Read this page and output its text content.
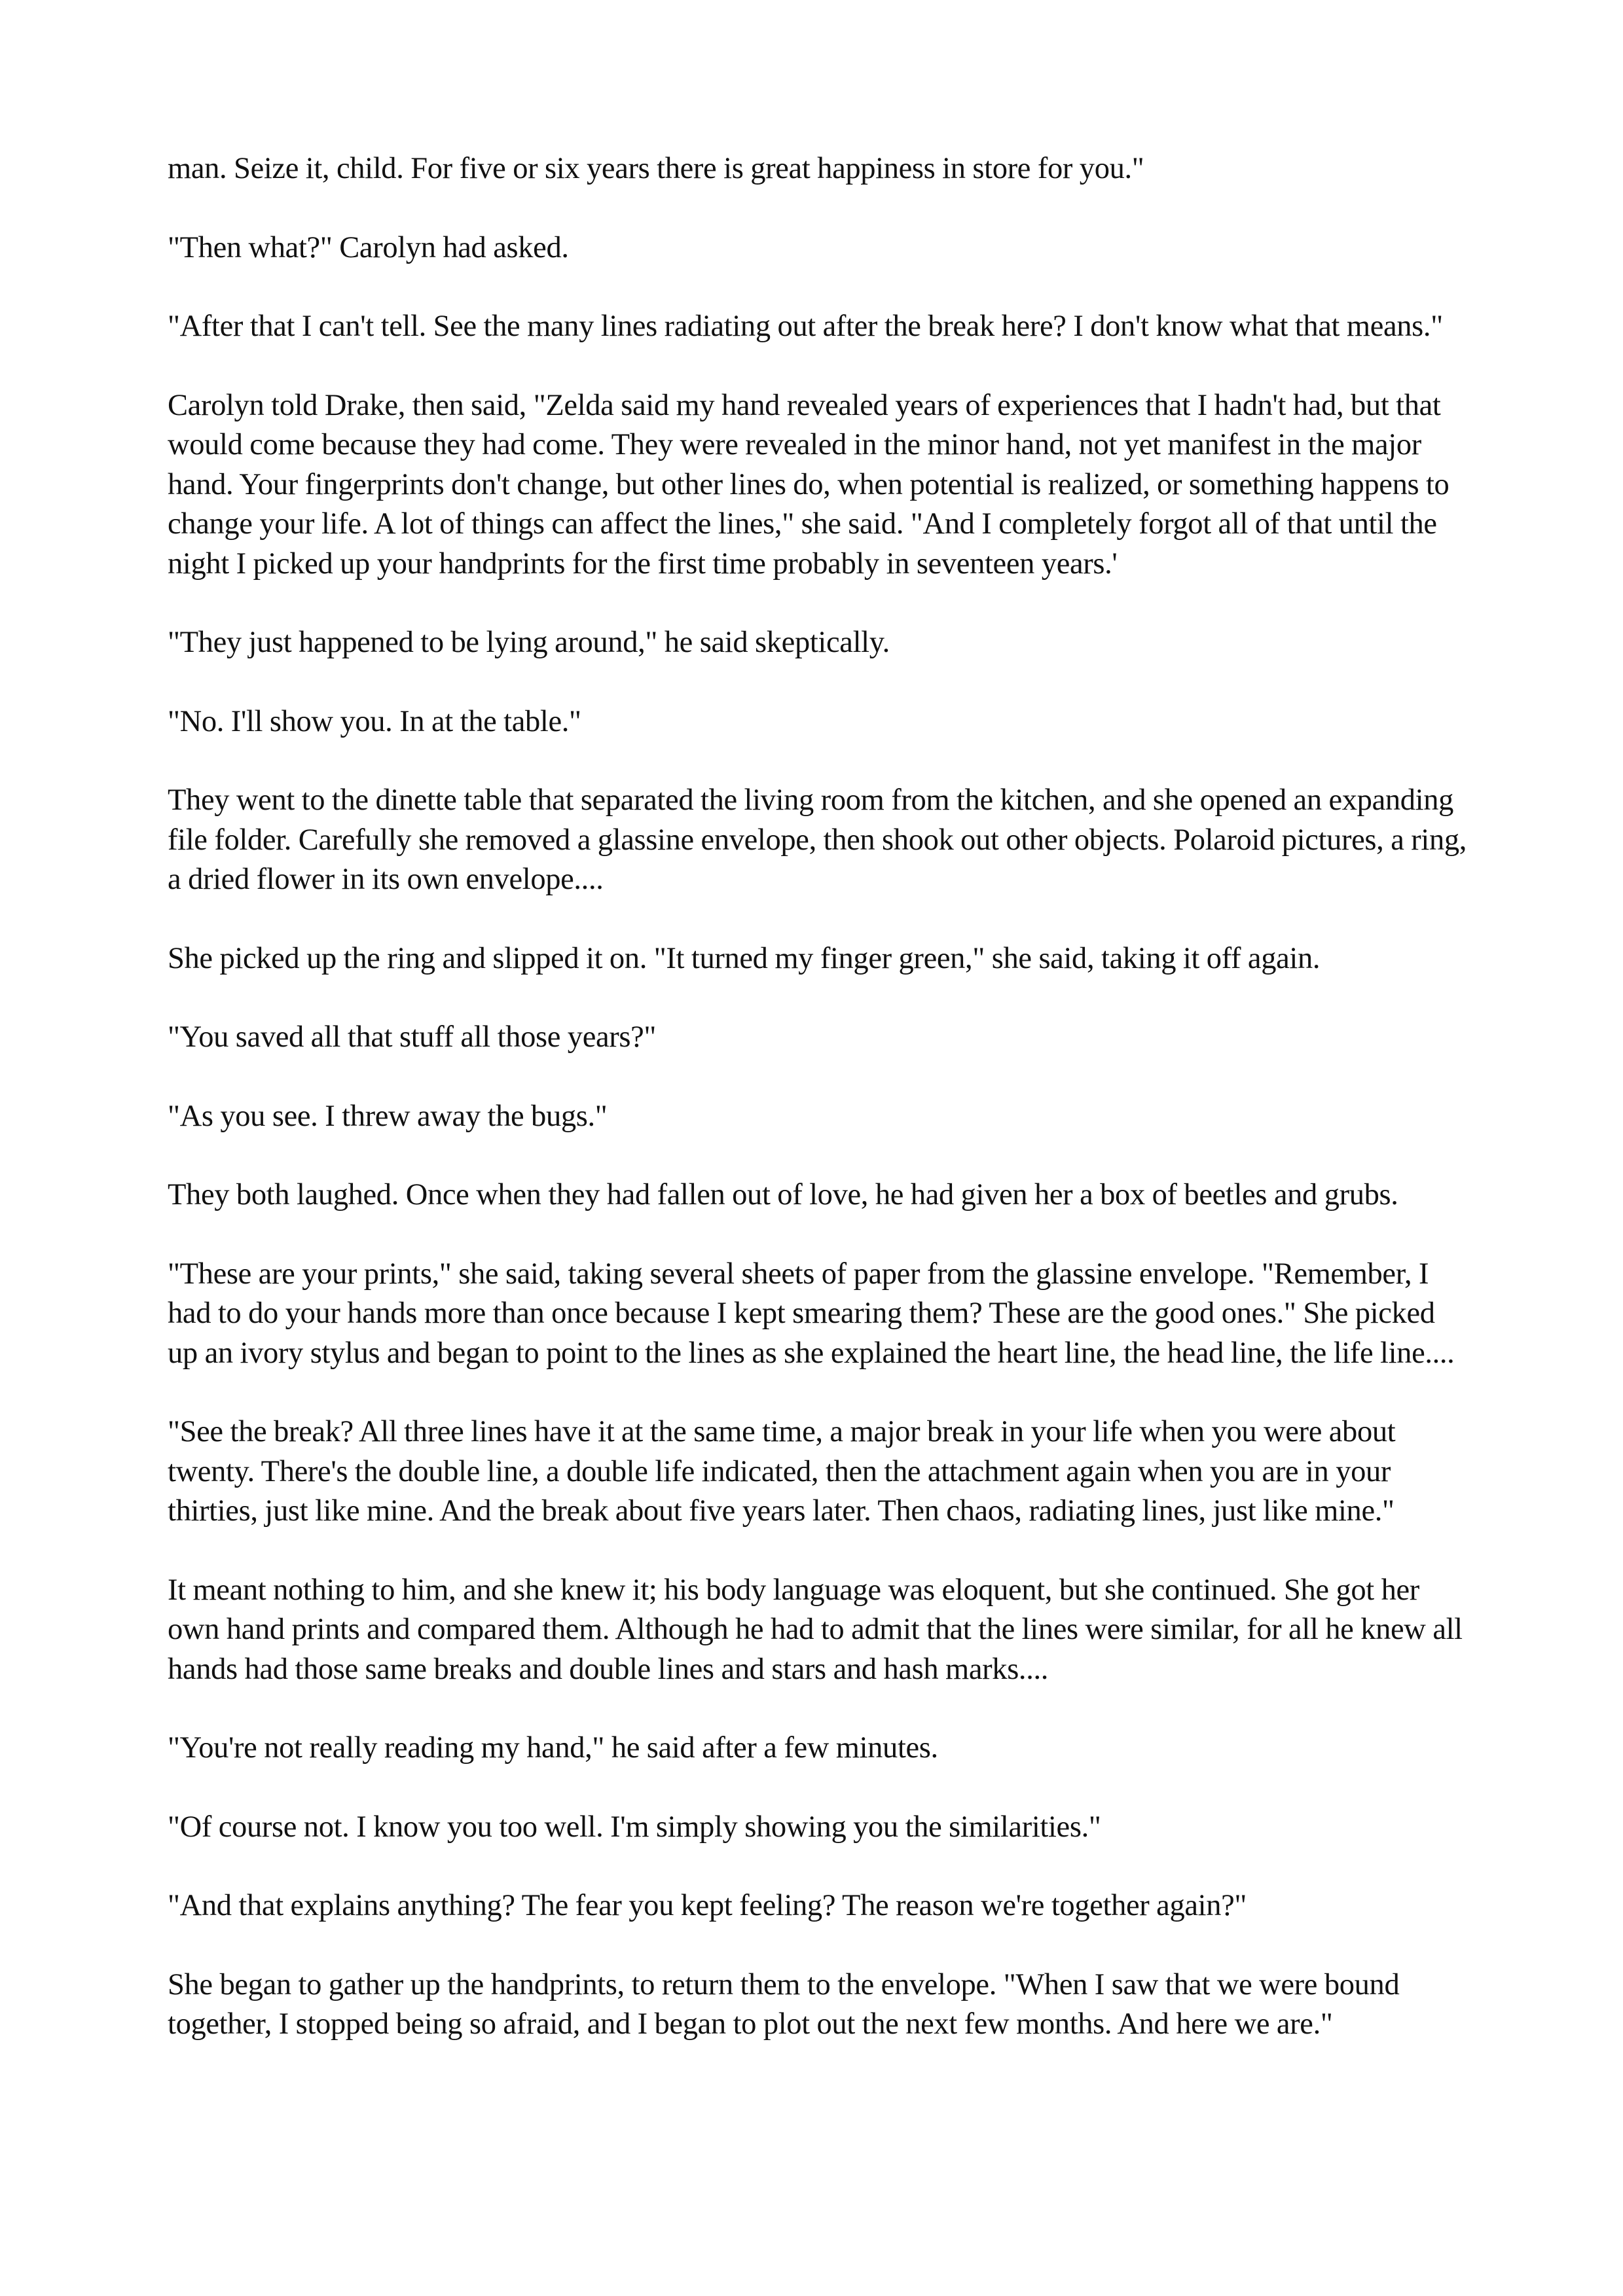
man. Seize it, child. For five or six years there is great happiness in store for you."

"Then what?" Carolyn had asked.

"After that I can't tell. See the many lines radiating out after the break here? I don't know what that means."

Carolyn told Drake, then said, "Zelda said my hand revealed years of experiences that I hadn't had, but that would come because they had come. They were revealed in the minor hand, not yet manifest in the major hand. Your fingerprints don't change, but other lines do, when potential is realized, or something happens to change your life. A lot of things can affect the lines," she said. "And I completely forgot all of that until the night I picked up your handprints for the first time probably in seventeen years.'

"They just happened to be lying around," he said skeptically.

"No. I'll show you. In at the table."

They went to the dinette table that separated the living room from the kitchen, and she opened an expanding file folder. Carefully she removed a glassine envelope, then shook out other objects. Polaroid pictures, a ring, a dried flower in its own envelope....

She picked up the ring and slipped it on. "It turned my finger green," she said, taking it off again.

"You saved all that stuff all those years?"

"As you see. I threw away the bugs."

They both laughed. Once when they had fallen out of love, he had given her a box of beetles and grubs.

"These are your prints," she said, taking several sheets of paper from the glassine envelope. "Remember, I had to do your hands more than once because I kept smearing them? These are the good ones." She picked up an ivory stylus and began to point to the lines as she explained the heart line, the head line, the life line....

"See the break? All three lines have it at the same time, a major break in your life when you were about twenty. There's the double line, a double life indicated, then the attachment again when you are in your thirties, just like mine. And the break about five years later. Then chaos, radiating lines, just like mine."

It meant nothing to him, and she knew it; his body language was eloquent, but she continued. She got her own hand prints and compared them. Although he had to admit that the lines were similar, for all he knew all hands had those same breaks and double lines and stars and hash marks....

"You're not really reading my hand," he said after a few minutes.

"Of course not. I know you too well. I'm simply showing you the similarities."

"And that explains anything? The fear you kept feeling? The reason we're together again?"

She began to gather up the handprints, to return them to the envelope. "When I saw that we were bound together, I stopped being so afraid, and I began to plot out the next few months. And here we are."
